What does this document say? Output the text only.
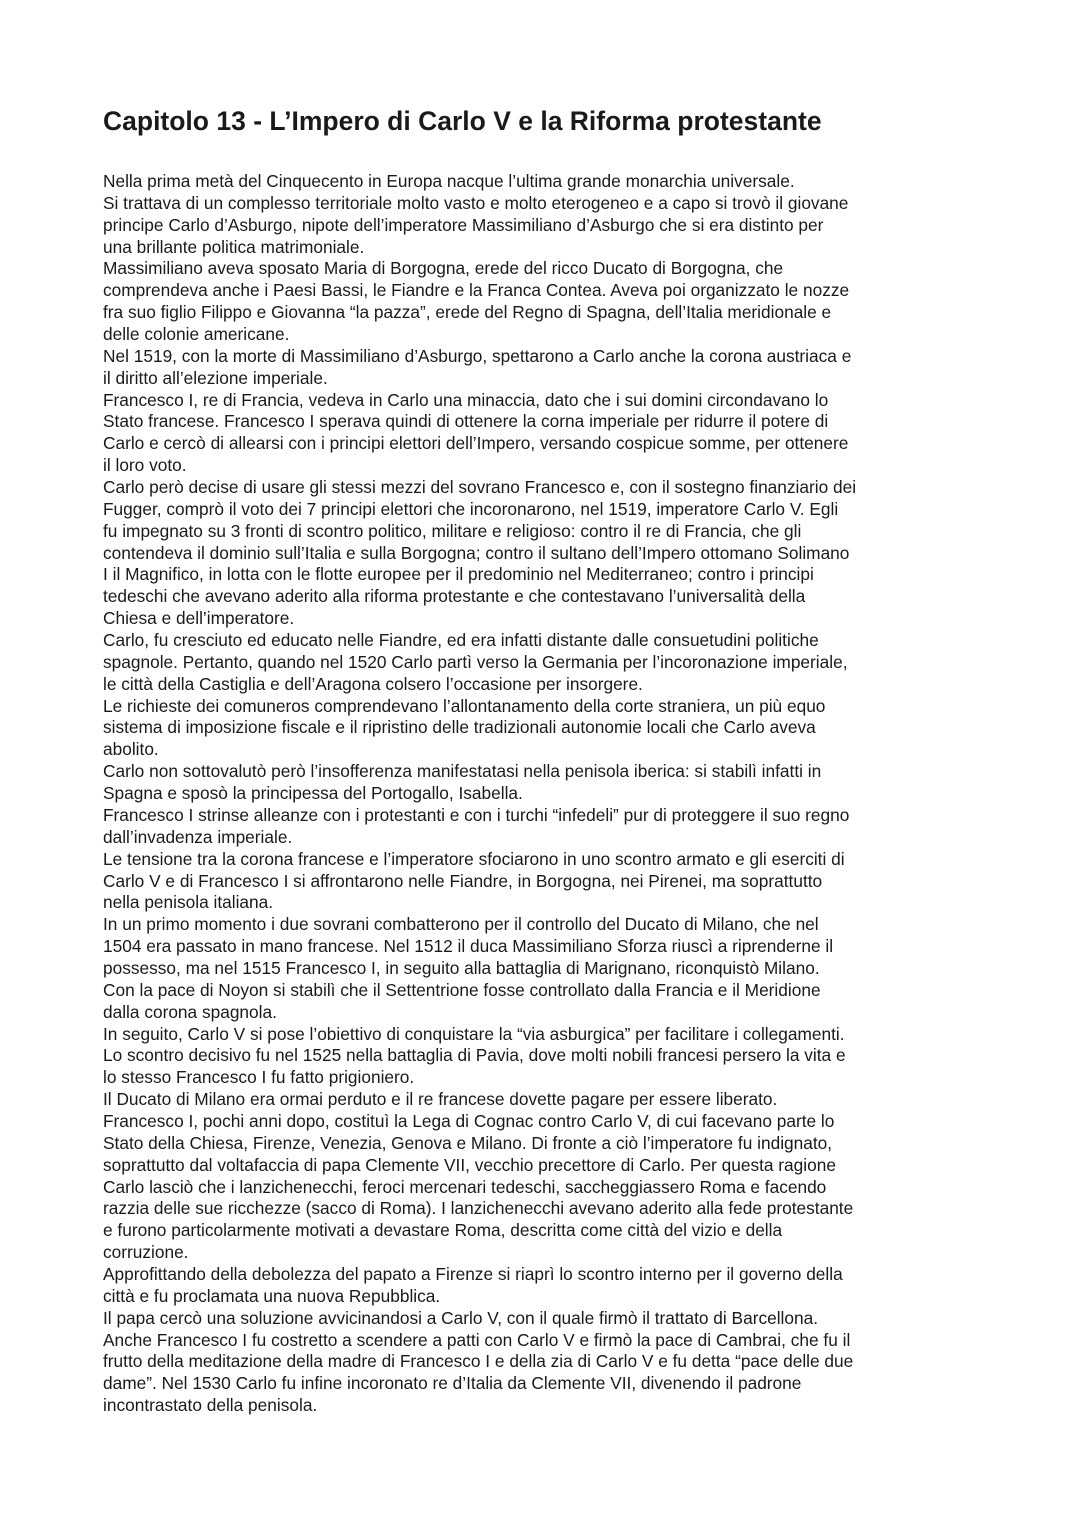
Capitolo 13 - L’Impero di Carlo V e la Riforma protestante

Nella prima metà del Cinquecento in Europa nacque l’ultima grande monarchia universale.
Si trattava di un complesso territoriale molto vasto e molto eterogeneo e a capo si trovò il giovane
principe Carlo d’Asburgo, nipote dell’imperatore Massimiliano d’Asburgo che si era distinto per
una brillante politica matrimoniale.

Massimiliano aveva sposato Maria di Borgogna, erede del ricco Ducato di Borgogna, che
comprendeva anche i Paesi Bassi, le Fiandre e la Franca Contea. Aveva poi organizzato le nozze
fra suo figlio Filippo e Giovanna “la pazza”, erede del Regno di Spagna, dell’Italia meridionale e
delle colonie americane.

Nel 1519, con la morte di Massimiliano d’Asburgo, spettarono a Carlo anche la corona austriaca e
il diritto all’elezione imperiale.

Francesco I, re di Francia, vedeva in Carlo una minaccia, dato che i sui domini circondavano lo
Stato francese. Francesco I sperava quindi di ottenere la corna imperiale per ridurre il potere di
Carlo e cercò di allearsi con i principi elettori dell’Impero, versando cospicue somme, per ottenere
il loro voto.

Carlo però decise di usare gli stessi mezzi del sovrano Francesco e, con il sostegno finanziario dei
Fugger, comprò il voto dei 7 principi elettori che incoronarono, nel 1519, imperatore Carlo V. Egli
fu impegnato su 3 fronti di scontro politico, militare e religioso: contro il re di Francia, che gli
contendeva il dominio sull’Italia e sulla Borgogna; contro il sultano dell’Impero ottomano Solimano
I il Magnifico, in lotta con le flotte europee per il predominio nel Mediterraneo; contro i principi
tedeschi che avevano aderito alla riforma protestante e che contestavano l’universalità della
Chiesa e dell’imperatore.

Carlo, fu cresciuto ed educato nelle Fiandre, ed era infatti distante dalle consuetudini politiche
spagnole. Pertanto, quando nel 1520 Carlo partì verso la Germania per l’incoronazione imperiale,
le città della Castiglia e dell’Aragona colsero l’occasione per insorgere.

Le richieste dei comuneros comprendevano l’allontanamento della corte straniera, un più equo
sistema di imposizione fiscale e il ripristino delle tradizionali autonomie locali che Carlo aveva
abolito.

Carlo non sottovalutò però l’insofferenza manifestatasi nella penisola iberica: si stabilì infatti in
Spagna e sposò la principessa del Portogallo, Isabella.

Francesco I strinse alleanze con i protestanti e con i turchi “infedeli” pur di proteggere il suo regno
dall’invadenza imperiale.

Le tensione tra la corona francese e l’imperatore sfociarono in uno scontro armato e gli eserciti di
Carlo V e di Francesco I si affrontarono nelle Fiandre, in Borgogna, nei Pirenei, ma soprattutto
nella penisola italiana.

In un primo momento i due sovrani combatterono per il controllo del Ducato di Milano, che nel
1504 era passato in mano francese. Nel 1512 il duca Massimiliano Sforza riuscì a riprenderne il
possesso, ma nel 1515 Francesco I, in seguito alla battaglia di Marignano, riconquistò Milano.
Con la pace di Noyon si stabilì che il Settentrione fosse controllato dalla Francia e il Meridione
dalla corona spagnola.

In seguito, Carlo V si pose l’obiettivo di conquistare la “via asburgica” per facilitare i collegamenti.
Lo scontro decisivo fu nel 1525 nella battaglia di Pavia, dove molti nobili francesi persero la vita e
lo stesso Francesco I fu fatto prigioniero.

Il Ducato di Milano era ormai perduto e il re francese dovette pagare per essere liberato.

Francesco I, pochi anni dopo, costituì la Lega di Cognac contro Carlo V, di cui facevano parte lo
Stato della Chiesa, Firenze, Venezia, Genova e Milano. Di fronte a ciò l’imperatore fu indignato,
soprattutto dal voltafaccia di papa Clemente VII, vecchio precettore di Carlo. Per questa ragione
Carlo lasciò che i lanzichenecchi, feroci mercenari tedeschi, saccheggiassero Roma e facendo
razzia delle sue ricchezze (sacco di Roma). I lanzichenecchi avevano aderito alla fede protestante
e furono particolarmente motivati a devastare Roma, descritta come città del vizio e della
corruzione.

Approfittando della debolezza del papato a Firenze si riaprì lo scontro interno per il governo della
città e fu proclamata una nuova Repubblica.

Il papa cercò una soluzione avvicinandosi a Carlo V, con il quale firmò il trattato di Barcellona.

Anche Francesco I fu costretto a scendere a patti con Carlo V e firmò la pace di Cambrai, che fu il
frutto della meditazione della madre di Francesco I e della zia di Carlo V e fu detta “pace delle due
dame”. Nel 1530 Carlo fu infine incoronato re d’Italia da Clemente VII, divenendo il padrone
incontrastato della penisola.
